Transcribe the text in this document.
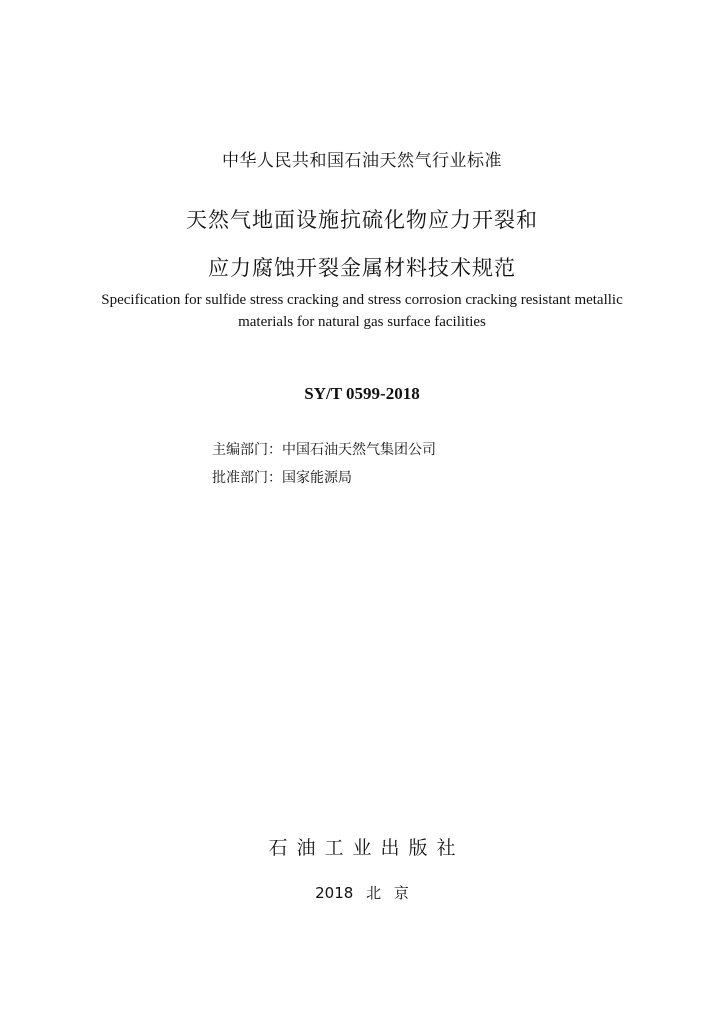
中华人民共和国石油天然气行业标准
天然气地面设施抗硫化物应力开裂和
应力腐蚀开裂金属材料技术规范
Specification for sulfide stress cracking and stress corrosion cracking resistant metallic
materials for natural gas surface facilities
SY/T 0599-2018
主编部门：中国石油天然气集团公司
批准部门：国家能源局
石油工业出版社
2018 北 京
